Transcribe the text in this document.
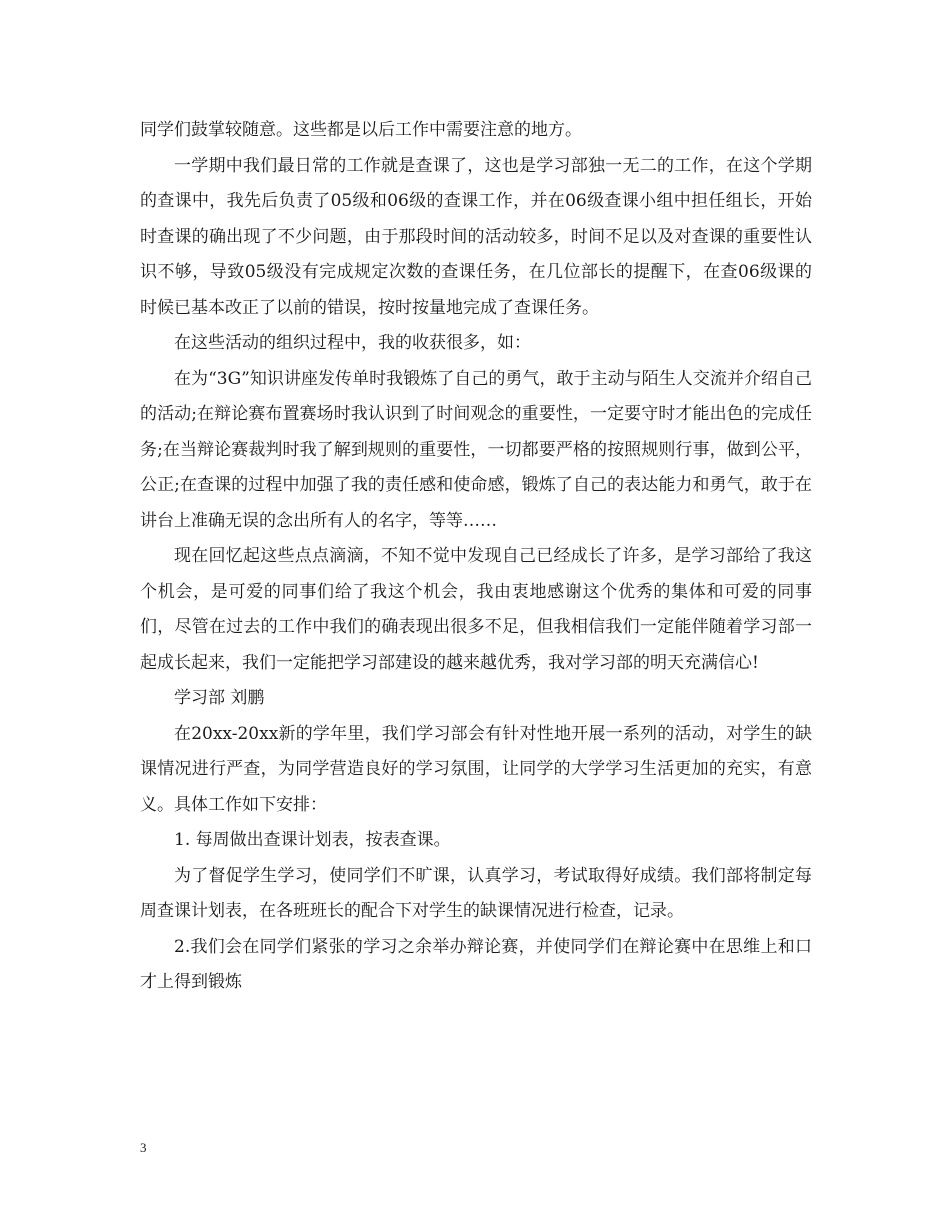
同学们鼓掌较随意。这些都是以后工作中需要注意的地方。

一学期中我们最日常的工作就是查课了，这也是学习部独一无二的工作，在这个学期的查课中，我先后负责了05级和06级的查课工作，并在06级查课小组中担任组长，开始时查课的确出现了不少问题，由于那段时间的活动较多，时间不足以及对查课的重要性认识不够，导致05级没有完成规定次数的查课任务，在几位部长的提醒下，在查06级课的时候已基本改正了以前的错误，按时按量地完成了查课任务。

在这些活动的组织过程中，我的收获很多，如：

在为“3G”知识讲座发传单时我锻炼了自己的勇气，敢于主动与陌生人交流并介绍自己的活动;在辩论赛布置赛场时我认识到了时间观念的重要性，一定要守时才能出色的完成任务;在当辩论赛裁判时我了解到规则的重要性，一切都要严格的按照规则行事，做到公平，公正;在查课的过程中加强了我的责任感和使命感，锻炼了自己的表达能力和勇气，敢于在讲台上准确无误的念出所有人的名字，等等……

现在回忆起这些点点滴滴，不知不觉中发现自己已经成长了许多，是学习部给了我这个机会，是可爱的同事们给了我这个机会，我由衷地感谢这个优秀的集体和可爱的同事们，尽管在过去的工作中我们的确表现出很多不足，但我相信我们一定能伴随着学习部一起成长起来，我们一定能把学习部建设的越来越优秀，我对学习部的明天充满信心!

学习部 刘鹏

在20xx-20xx新的学年里，我们学习部会有针对性地开展一系列的活动，对学生的缺课情况进行严查，为同学营造良好的学习氛围，让同学的大学学习生活更加的充实，有意义。具体工作如下安排：

1. 每周做出查课计划表，按表查课。

为了督促学生学习，使同学们不旷课，认真学习，考试取得好成绩。我们部将制定每周查课计划表，在各班班长的配合下对学生的缺课情况进行检查，记录。

2.我们会在同学们紧张的学习之余举办辩论赛，并使同学们在辩论赛中在思维上和口才上得到锻炼

3
